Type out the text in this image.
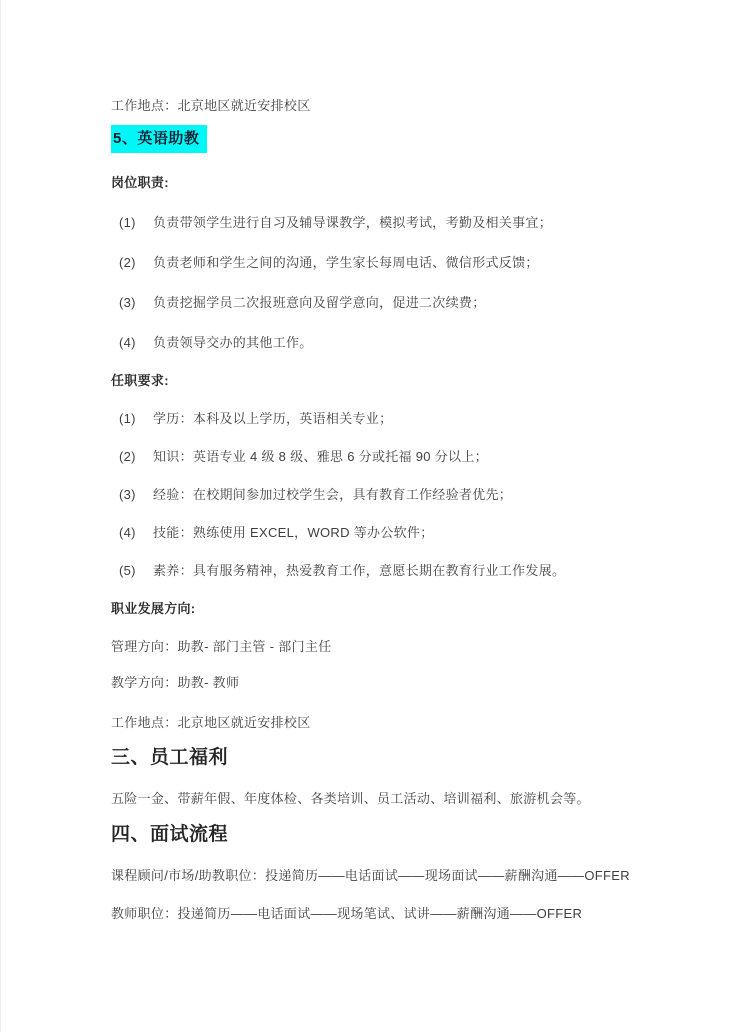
工作地点：北京地区就近安排校区

5、英语助教

岗位职责:

(1) 负责带领学生进行自习及辅导课教学，模拟考试，考勤及相关事宜；

(2) 负责老师和学生之间的沟通，学生家长每周电话、微信形式反馈；

(3) 负责挖掘学员二次报班意向及留学意向，促进二次续费；

(4) 负责领导交办的其他工作。

任职要求:

(1) 学历：本科及以上学历，英语相关专业；

(2) 知识：英语专业 4 级 8 级、雅思 6 分或托福 90 分以上；

(3) 经验：在校期间参加过校学生会，具有教育工作经验者优先；

(4) 技能：熟练使用 EXCEL，WORD 等办公软件；

(5) 素养：具有服务精神，热爱教育工作，意愿长期在教育行业工作发展。

职业发展方向:

管理方向：助教- 部门主管 - 部门主任

教学方向：助教- 教师

工作地点：北京地区就近安排校区

三、员工福利

五险一金、带薪年假、年度体检、各类培训、员工活动、培训福利、旅游机会等。

四、面试流程

课程顾问/市场/助教职位：投递简历——电话面试——现场面试——薪酬沟通——OFFER

教师职位：投递简历——电话面试——现场笔试、试讲——薪酬沟通——OFFER
